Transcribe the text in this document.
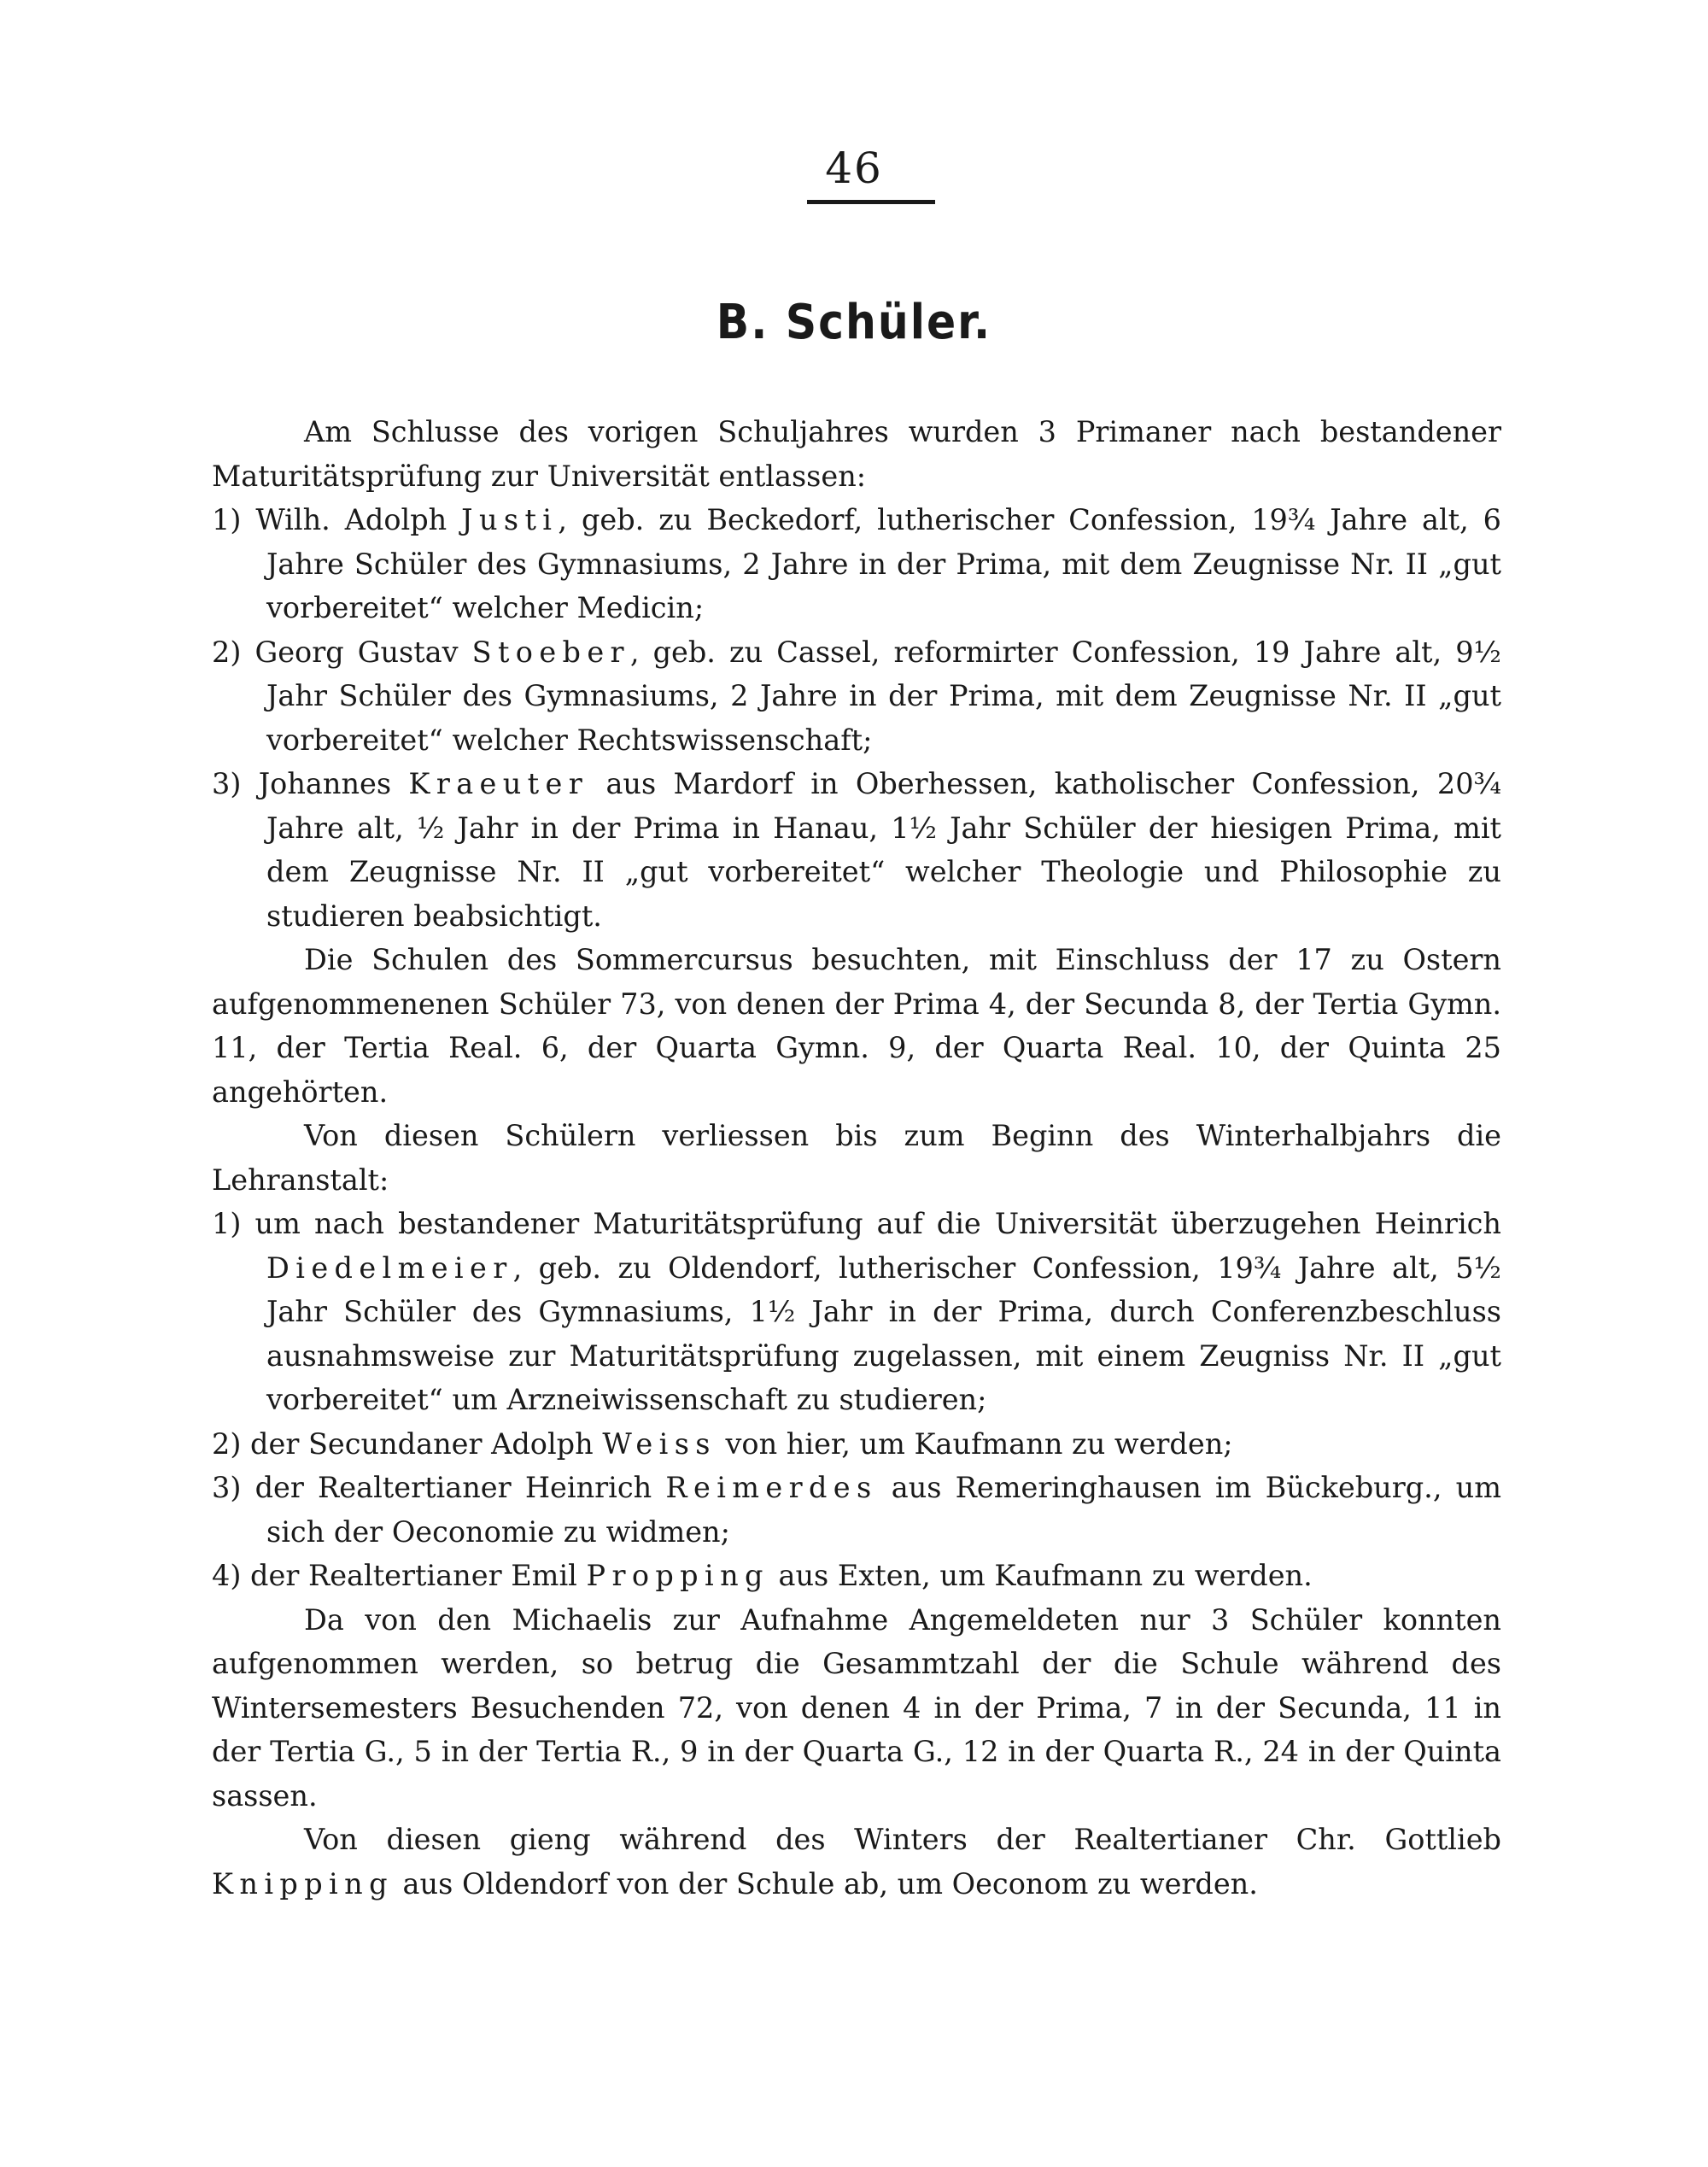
46
B. Schüler.

Am Schlusse des vorigen Schuljahres wurden 3 Primaner nach bestandener Maturitätsprüfung zur Universität entlassen:

1) Wilh. Adolph Justi, geb. zu Beckedorf, lutherischer Confession, 19¾ Jahre alt, 6 Jahre Schüler des Gymnasiums, 2 Jahre in der Prima, mit dem Zeugnisse Nr. II „gut vorbereitet“ welcher Medicin;

2) Georg Gustav Stoeber, geb. zu Cassel, reformirter Confession, 19 Jahre alt, 9½ Jahr Schüler des Gymnasiums, 2 Jahre in der Prima, mit dem Zeugnisse Nr. II „gut vorbereitet“ welcher Rechtswissenschaft;

3) Johannes Kraeuter aus Mardorf in Oberhessen, katholischer Confession, 20¾ Jahre alt, ½ Jahr in der Prima in Hanau, 1½ Jahr Schüler der hiesigen Prima, mit dem Zeugnisse Nr. II „gut vorbereitet“ welcher Theologie und Philosophie zu studieren beabsichtigt.

Die Schulen des Sommercursus besuchten, mit Einschluss der 17 zu Ostern aufgenommenenen Schüler 73, von denen der Prima 4, der Secunda 8, der Tertia Gymn. 11, der Tertia Real. 6, der Quarta Gymn. 9, der Quarta Real. 10, der Quinta 25 angehörten.

Von diesen Schülern verliessen bis zum Beginn des Winterhalbjahrs die Lehranstalt:

1) um nach bestandener Maturitätsprüfung auf die Universität überzugehen Heinrich Diedelmeier, geb. zu Oldendorf, lutherischer Confession, 19¾ Jahre alt, 5½ Jahr Schüler des Gymnasiums, 1½ Jahr in der Prima, durch Conferenzbeschluss ausnahmsweise zur Maturitätsprüfung zugelassen, mit einem Zeugniss Nr. II „gut vorbereitet“ um Arzneiwissenschaft zu studieren;

2) der Secundaner Adolph Weiss von hier, um Kaufmann zu werden;

3) der Realtertianer Heinrich Reimerdes aus Remeringhausen im Bückeburg., um sich der Oeconomie zu widmen;

4) der Realtertianer Emil Propping aus Exten, um Kaufmann zu werden.

Da von den Michaelis zur Aufnahme Angemeldeten nur 3 Schüler konnten aufgenommen werden, so betrug die Gesammtzahl der die Schule während des Wintersemesters Besuchenden 72, von denen 4 in der Prima, 7 in der Secunda, 11 in der Tertia G., 5 in der Tertia R., 9 in der Quarta G., 12 in der Quarta R., 24 in der Quinta sassen.

Von diesen gieng während des Winters der Realtertianer Chr. Gottlieb Knipping aus Oldendorf von der Schule ab, um Oeconom zu werden.
